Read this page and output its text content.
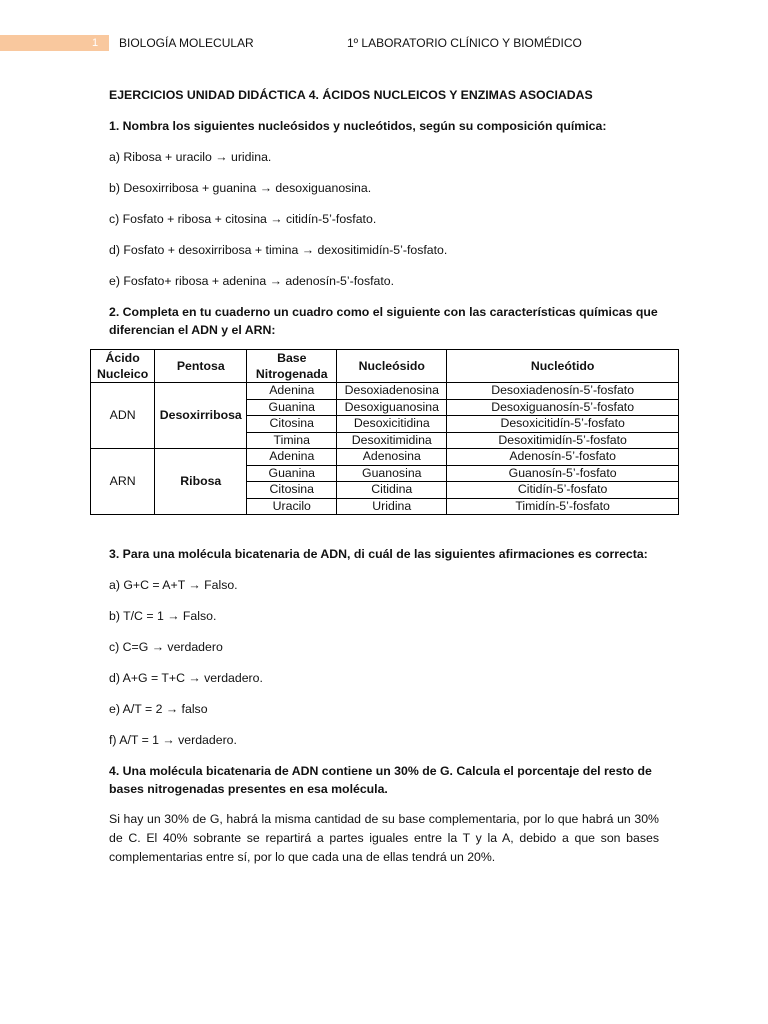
1 BIOLOGÍA MOLECULAR	1º LABORATORIO CLÍNICO Y BIOMÉDICO

EJERCICIOS UNIDAD DIDÁCTICA 4. ÁCIDOS NUCLEICOS Y ENZIMAS ASOCIADAS

1. Nombra los siguientes nucleósidos y nucleótidos, según su composición química:

a) Ribosa + uracilo → uridina.

b) Desoxirribosa + guanina → desoxiguanosina.

c) Fosfato + ribosa + citosina → citidín-5’-fosfato.

d) Fosfato + desoxirribosa + timina → dexositimidín-5’-fosfato.

e) Fosfato+ ribosa + adenina → adenosín-5’-fosfato.

2. Completa en tu cuaderno un cuadro como el siguiente con las características químicas que diferencian el ADN y el ARN:

Ácido Nucleico	Pentosa	Base Nitrogenada	Nucleósido	Nucleótido
ADN	Desoxirribosa	Adenina	Desoxiadenosina	Desoxiadenosín-5’-fosfato
		Guanina	Desoxiguanosina	Desoxiguanosín-5’-fosfato
		Citosina	Desoxicitidina	Desoxicitidín-5’-fosfato
		Timina	Desoxitimidina	Desoxitimidín-5’-fosfato
ARN	Ribosa	Adenina	Adenosina	Adenosín-5’-fosfato
		Guanina	Guanosina	Guanosín-5’-fosfato
		Citosina	Citidina	Citidín-5’-fosfato
		Uracilo	Uridina	Timidín-5’-fosfato

3. Para una molécula bicatenaria de ADN, di cuál de las siguientes afirmaciones es correcta:

a) G+C = A+T → Falso.

b) T/C = 1 → Falso.

c) C=G → verdadero

d) A+G = T+C → verdadero.

e) A/T = 2 → falso

f) A/T = 1 → verdadero.

4. Una molécula bicatenaria de ADN contiene un 30% de G. Calcula el porcentaje del resto de bases nitrogenadas presentes en esa molécula.

Si hay un 30% de G, habrá la misma cantidad de su base complementaria, por lo que habrá un 30% de C. El 40% sobrante se repartirá a partes iguales entre la T y la A, debido a que son bases complementarias entre sí, por lo que cada una de ellas tendrá un 20%.
